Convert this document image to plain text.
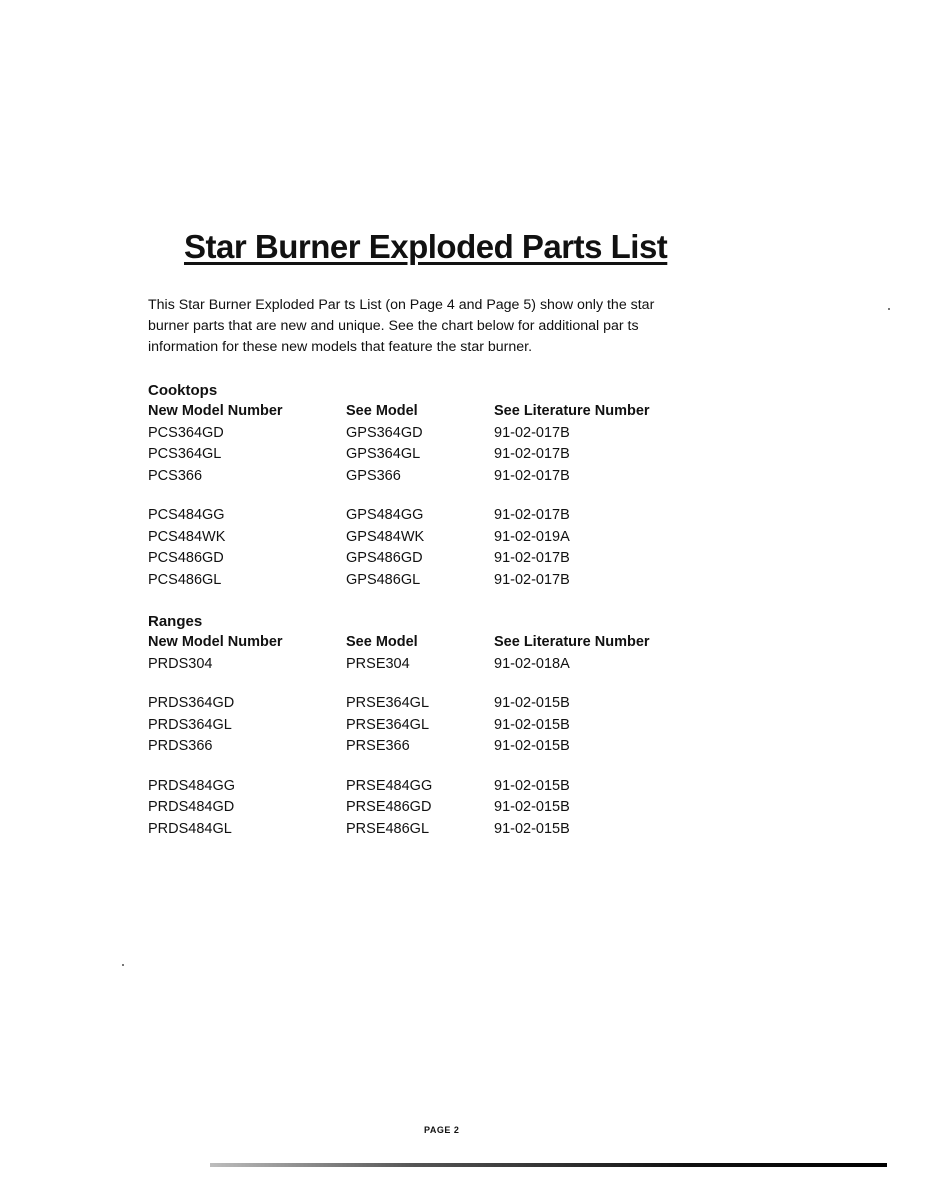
Star Burner Exploded Parts List
This Star Burner Exploded Par ts List (on Page 4 and Page 5) show only the star
burner parts that are new and unique. See the chart below for additional par ts
information for these new models that feature the star burner.
Cooktops
New Model Number	See Model	See Literature Number
PCS364GD	GPS364GD	91-02-017B
PCS364GL	GPS364GL	91-02-017B
PCS366	GPS366	91-02-017B
PCS484GG	GPS484GG	91-02-017B
PCS484WK	GPS484WK	91-02-019A
PCS486GD	GPS486GD	91-02-017B
PCS486GL	GPS486GL	91-02-017B
Ranges
New Model Number	See Model	See Literature Number
PRDS304	PRSE304	91-02-018A
PRDS364GD	PRSE364GL	91-02-015B
PRDS364GL	PRSE364GL	91-02-015B
PRDS366	PRSE366	91-02-015B
PRDS484GG	PRSE484GG	91-02-015B
PRDS484GD	PRSE486GD	91-02-015B
PRDS484GL	PRSE486GL	91-02-015B
PAGE 2
